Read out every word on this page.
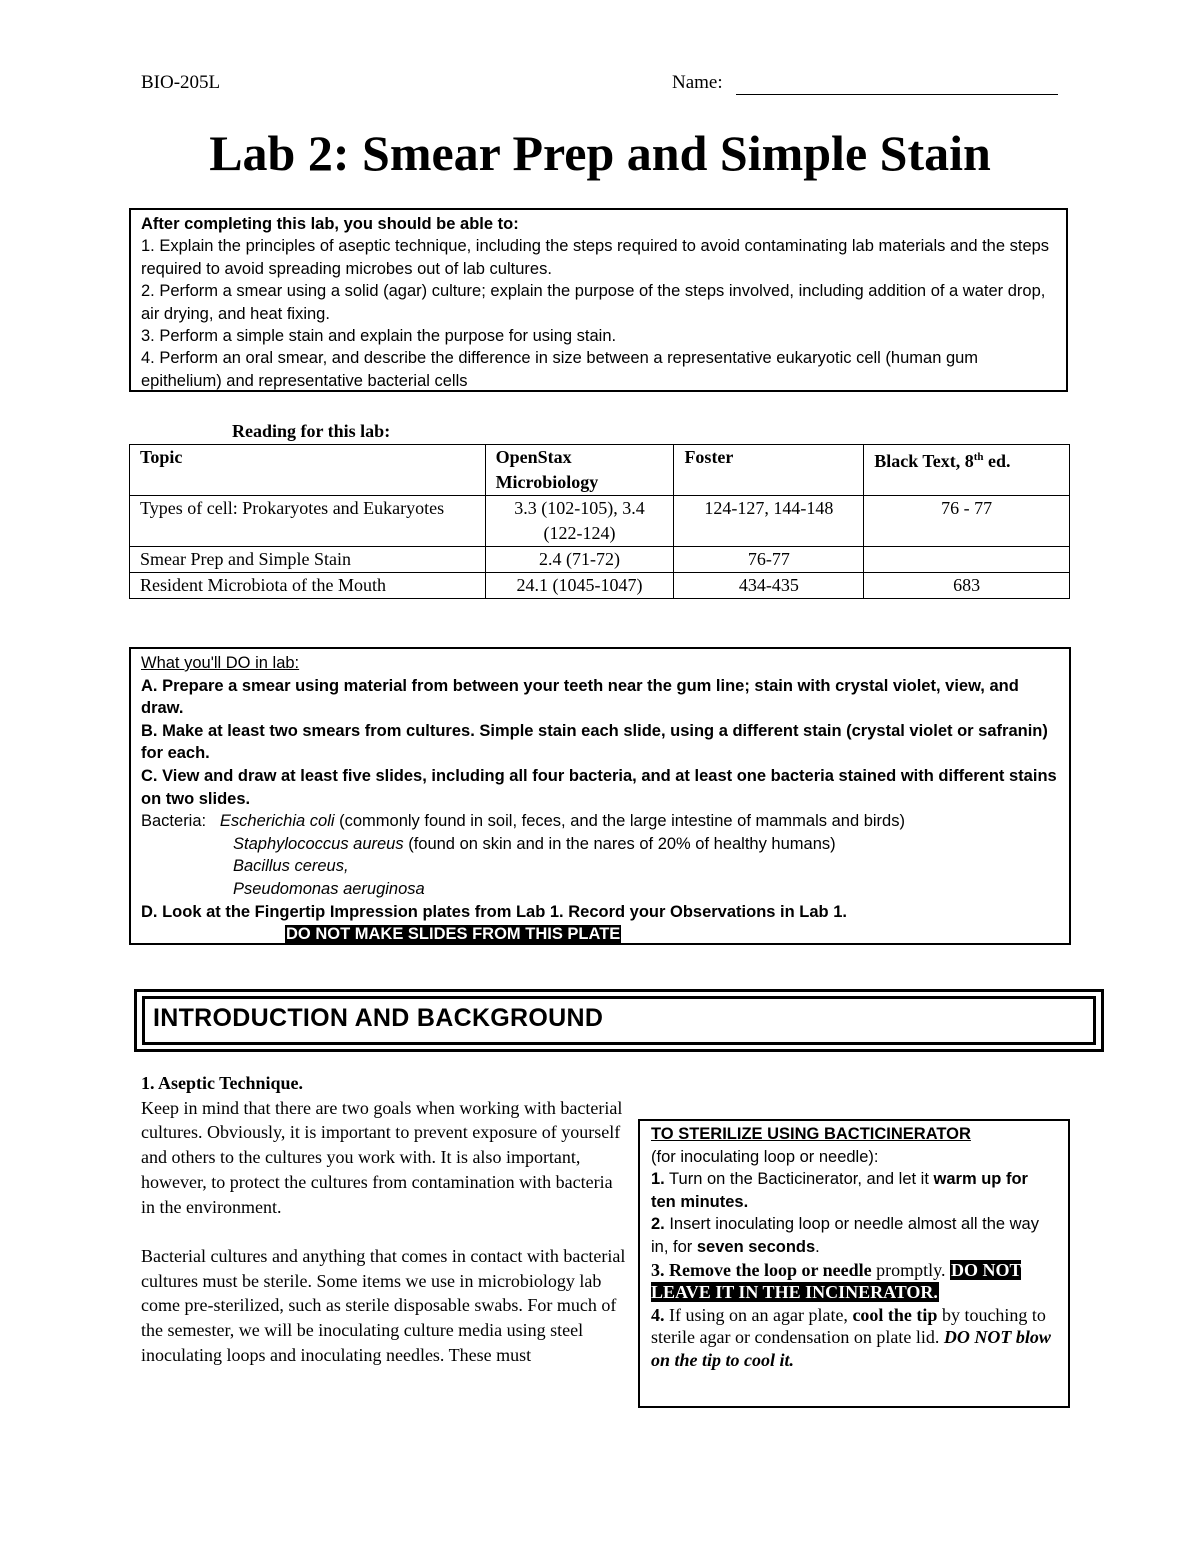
BIO-205L	Name:
Lab 2: Smear Prep and Simple Stain
After completing this lab, you should be able to:
1. Explain the principles of aseptic technique, including the steps required to avoid contaminating lab materials and the steps required to avoid spreading microbes out of lab cultures.
2. Perform a smear using a solid (agar) culture; explain the purpose of the steps involved, including addition of a water drop, air drying, and heat fixing.
3. Perform a simple stain and explain the purpose for using stain.
4. Perform an oral smear, and describe the difference in size between a representative eukaryotic cell (human gum epithelium) and representative bacterial cells
Reading for this lab:
Topic	OpenStax Microbiology	Foster	Black Text, 8th ed.
Types of cell: Prokaryotes and Eukaryotes	3.3 (102-105), 3.4 (122-124)	124-127, 144-148	76 - 77
Smear Prep and Simple Stain	2.4 (71-72)	76-77	
Resident Microbiota of the Mouth	24.1 (1045-1047)	434-435	683
What you'll DO in lab:
A. Prepare a smear using material from between your teeth near the gum line; stain with crystal violet, view, and draw.
B. Make at least two smears from cultures. Simple stain each slide, using a different stain (crystal violet or safranin) for each.
C. View and draw at least five slides, including all four bacteria, and at least one bacteria stained with different stains on two slides.
Bacteria: Escherichia coli (commonly found in soil, feces, and the large intestine of mammals and birds)
Staphylococcus aureus (found on skin and in the nares of 20% of healthy humans)
Bacillus cereus,
Pseudomonas aeruginosa
D. Look at the Fingertip Impression plates from Lab 1. Record your Observations in Lab 1.
DO NOT MAKE SLIDES FROM THIS PLATE
INTRODUCTION AND BACKGROUND
1. Aseptic Technique.
Keep in mind that there are two goals when working with bacterial cultures. Obviously, it is important to prevent exposure of yourself and others to the cultures you work with. It is also important, however, to protect the cultures from contamination with bacteria in the environment.
Bacterial cultures and anything that comes in contact with bacterial cultures must be sterile. Some items we use in microbiology lab come pre-sterilized, such as sterile disposable swabs. For much of the semester, we will be inoculating culture media using steel inoculating loops and inoculating needles. These must
TO STERILIZE USING BACTICINERATOR
(for inoculating loop or needle):
1. Turn on the Bacticinerator, and let it warm up for ten minutes.
2. Insert inoculating loop or needle almost all the way in, for seven seconds.
3. Remove the loop or needle promptly. DO NOT LEAVE IT IN THE INCINERATOR.
4. If using on an agar plate, cool the tip by touching to sterile agar or condensation on plate lid. DO NOT blow on the tip to cool it.
